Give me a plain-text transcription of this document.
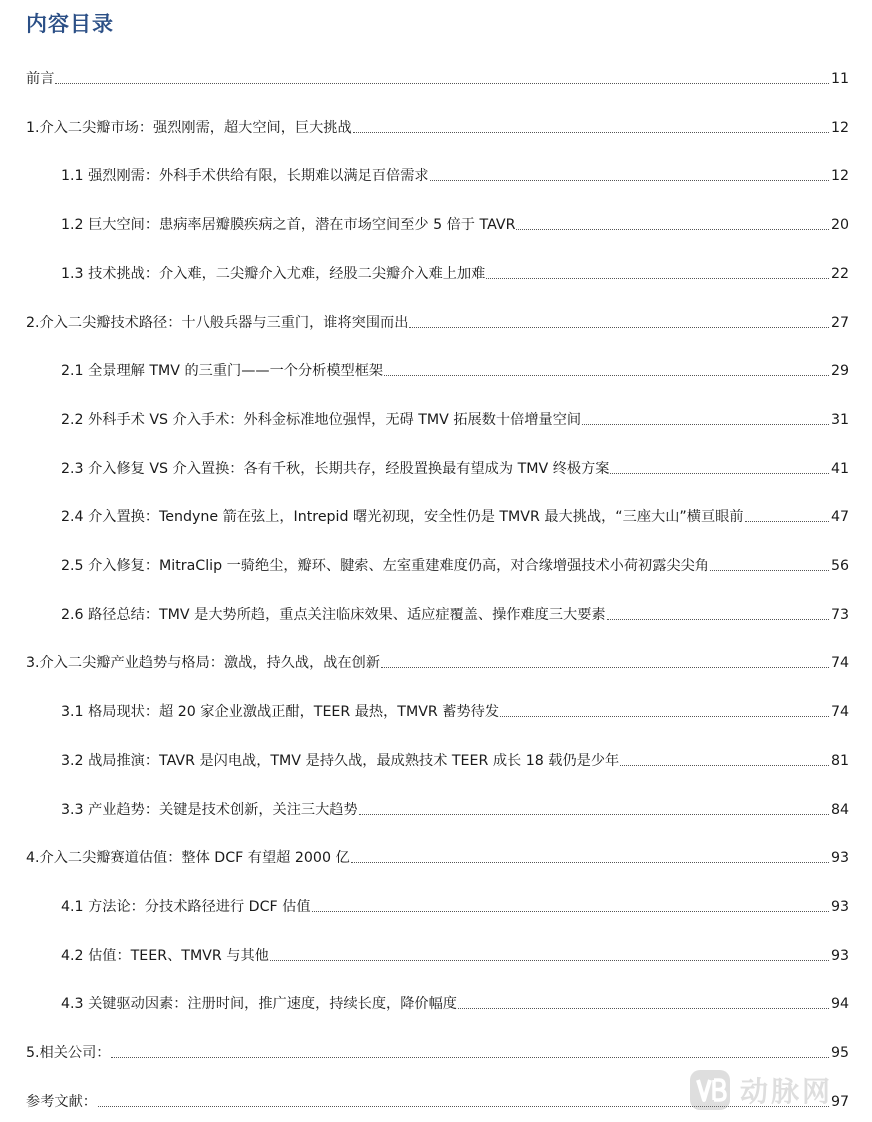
内容目录
前言	11
1.介入二尖瓣市场：强烈刚需，超大空间，巨大挑战	12
1.1 强烈刚需：外科手术供给有限，长期难以满足百倍需求	12
1.2 巨大空间：患病率居瓣膜疾病之首，潜在市场空间至少 5 倍于 TAVR	20
1.3 技术挑战：介入难，二尖瓣介入尤难，经股二尖瓣介入难上加难	22
2.介入二尖瓣技术路径：十八般兵器与三重门，谁将突围而出	27
2.1 全景理解 TMV 的三重门——一个分析模型框架	29
2.2 外科手术 VS 介入手术：外科金标准地位强悍，无碍 TMV 拓展数十倍增量空间	31
2.3 介入修复 VS 介入置换：各有千秋，长期共存，经股置换最有望成为 TMV 终极方案	41
2.4 介入置换：Tendyne 箭在弦上，Intrepid 曙光初现，安全性仍是 TMVR 最大挑战，“三座大山”横亘眼前	47
2.5 介入修复：MitraClip 一骑绝尘，瓣环、腱索、左室重建难度仍高，对合缘增强技术小荷初露尖尖角	56
2.6 路径总结：TMV 是大势所趋，重点关注临床效果、适应症覆盖、操作难度三大要素	73
3.介入二尖瓣产业趋势与格局：激战，持久战，战在创新	74
3.1 格局现状：超 20 家企业激战正酣，TEER 最热，TMVR 蓄势待发	74
3.2 战局推演：TAVR 是闪电战，TMV 是持久战，最成熟技术 TEER 成长 18 载仍是少年	81
3.3 产业趋势：关键是技术创新，关注三大趋势	84
4.介入二尖瓣赛道估值：整体 DCF 有望超 2000 亿	93
4.1 方法论：分技术路径进行 DCF 估值	93
4.2 估值：TEER、TMVR 与其他	93
4.3 关键驱动因素：注册时间，推广速度，持续长度，降价幅度	94
5.相关公司：	95
参考文献：	97
动脉网
